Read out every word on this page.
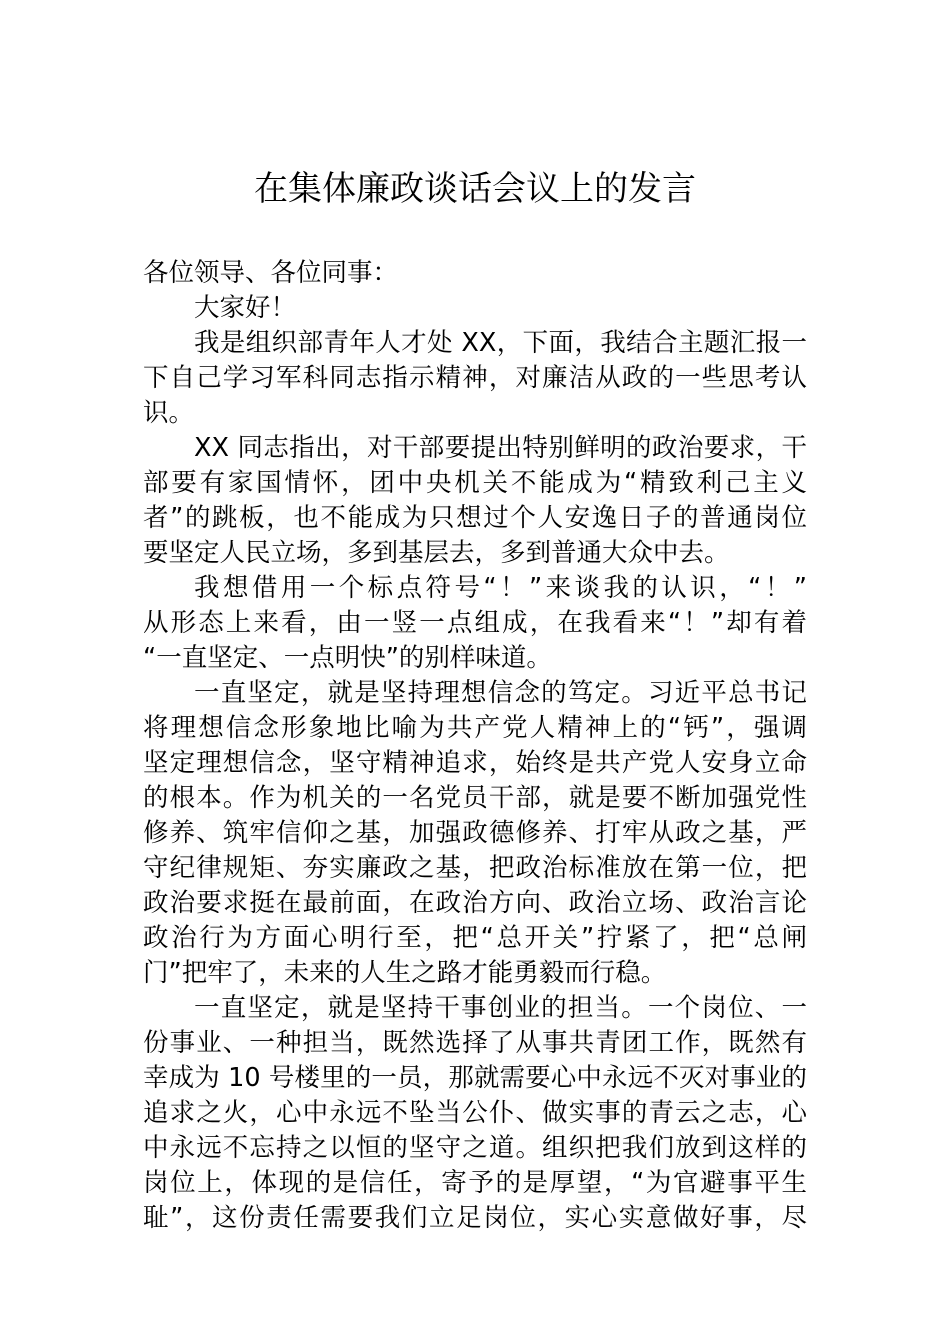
在集体廉政谈话会议上的发言
各位领导、各位同事：
大家好！
我是组织部青年人才处 XX，下面，我结合主题汇报一
下自己学习军科同志指示精神，对廉洁从政的一些思考认
识。
XX 同志指出，对干部要提出特别鲜明的政治要求，干
部要有家国情怀，团中央机关不能成为“精致利己主义
者”的跳板，也不能成为只想过个人安逸日子的普通岗位
要坚定人民立场，多到基层去，多到普通大众中去。
我想借用一个标点符号“！”来谈我的认识，“！”
从形态上来看，由一竖一点组成，在我看来“！”却有着
“一直坚定、一点明快”的别样味道。
一直坚定，就是坚持理想信念的笃定。习近平总书记
将理想信念形象地比喻为共产党人精神上的“钙”，强调
坚定理想信念，坚守精神追求，始终是共产党人安身立命
的根本。作为机关的一名党员干部，就是要不断加强党性
修养、筑牢信仰之基，加强政德修养、打牢从政之基，严
守纪律规矩、夯实廉政之基，把政治标准放在第一位，把
政治要求挺在最前面，在政治方向、政治立场、政治言论
政治行为方面心明行至，把“总开关”拧紧了，把“总闸
门”把牢了，未来的人生之路才能勇毅而行稳。
一直坚定，就是坚持干事创业的担当。一个岗位、一
份事业、一种担当，既然选择了从事共青团工作，既然有
幸成为 10 号楼里的一员，那就需要心中永远不灭对事业的
追求之火，心中永远不坠当公仆、做实事的青云之志，心
中永远不忘持之以恒的坚守之道。组织把我们放到这样的
岗位上，体现的是信任，寄予的是厚望，“为官避事平生
耻”，这份责任需要我们立足岗位，实心实意做好事，尽
